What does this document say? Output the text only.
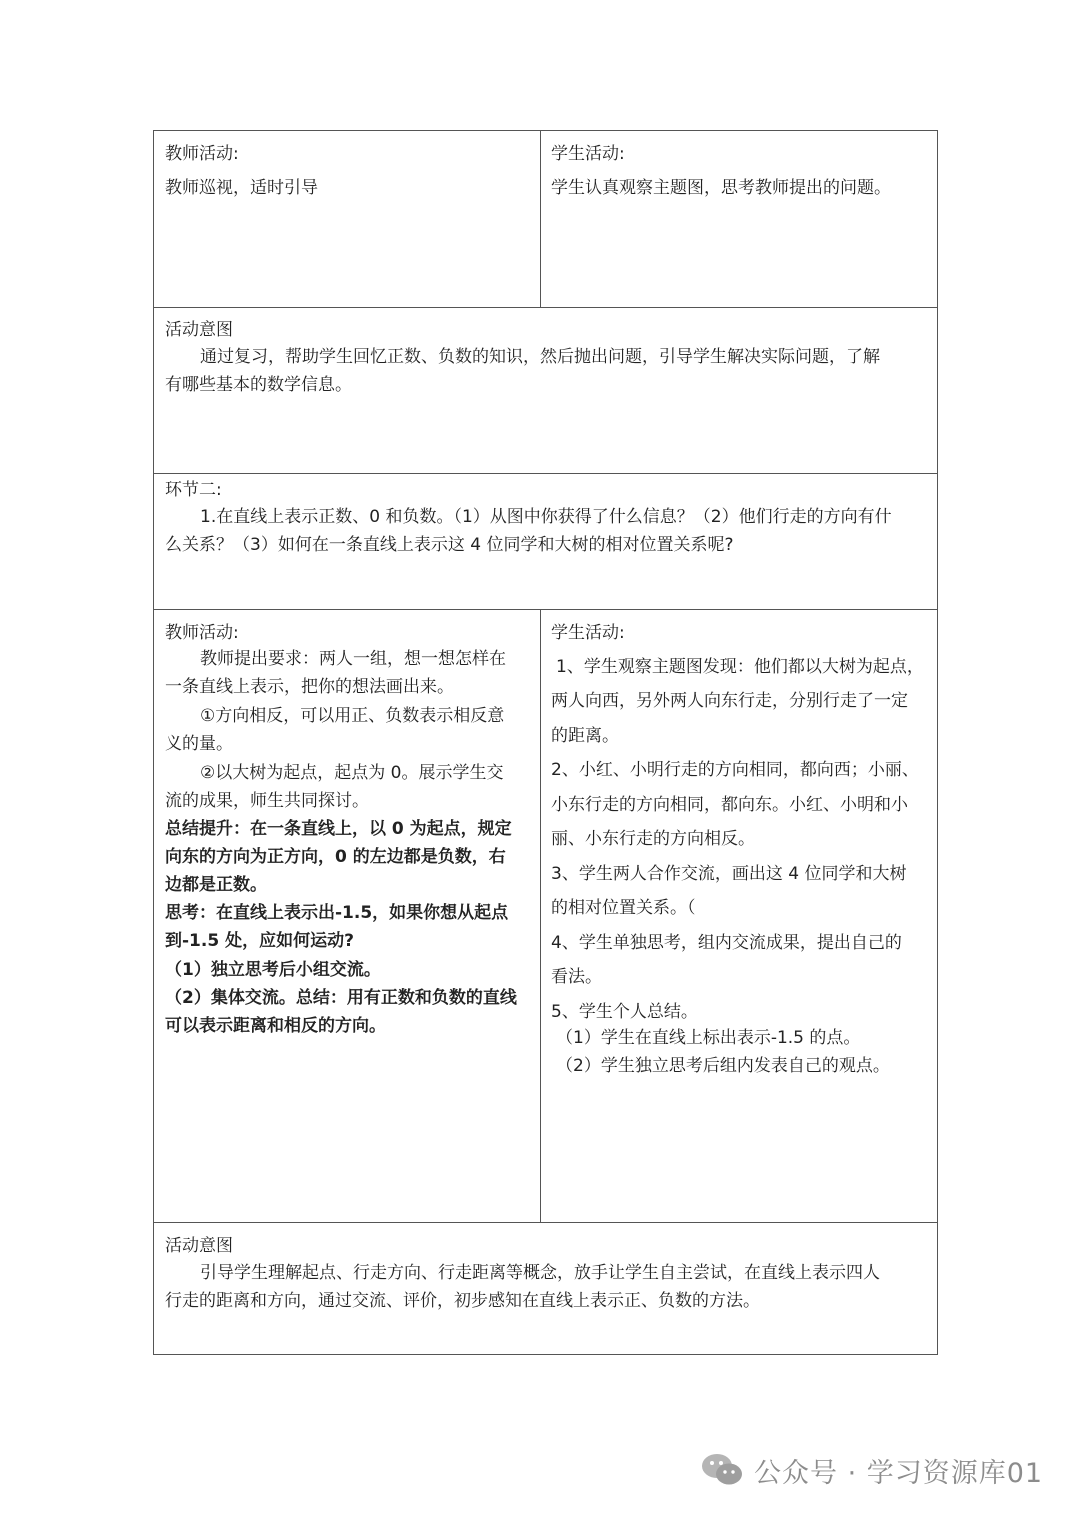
教师活动:
教师巡视，适时引导
学生活动:
学生认真观察主题图，思考教师提出的问题。
活动意图
通过复习，帮助学生回忆正数、负数的知识，然后抛出问题，引导学生解决实际问题，了解
有哪些基本的数学信息。
环节二:
1.在直线上表示正数、0 和负数。（1）从图中你获得了什么信息？（2）他们行走的方向有什
么关系？（3）如何在一条直线上表示这 4 位同学和大树的相对位置关系呢?
教师活动:
教师提出要求：两人一组，想一想怎样在
一条直线上表示，把你的想法画出来。
①方向相反，可以用正、负数表示相反意
义的量。
②以大树为起点，起点为 0。展示学生交
流的成果，师生共同探讨。
总结提升：在一条直线上，以 0 为起点，规定
向东的方向为正方向，0 的左边都是负数，右
边都是正数。
思考：在直线上表示出-1.5，如果你想从起点
到-1.5 处，应如何运动?
（1）独立思考后小组交流。
（2）集体交流。总结：用有正数和负数的直线
可以表示距离和相反的方向。
学生活动:
1、学生观察主题图发现：他们都以大树为起点，
两人向西，另外两人向东行走，分别行走了一定
的距离。
2、小红、小明行走的方向相同，都向西；小丽、
小东行走的方向相同，都向东。小红、小明和小
丽、小东行走的方向相反。
3、学生两人合作交流，画出这 4 位同学和大树
的相对位置关系。（
4、学生单独思考，组内交流成果，提出自己的
看法。
5、学生个人总结。
（1）学生在直线上标出表示-1.5 的点。
（2）学生独立思考后组内发表自己的观点。
活动意图
引导学生理解起点、行走方向、行走距离等概念，放手让学生自主尝试，在直线上表示四人
行走的距离和方向，通过交流、评价，初步感知在直线上表示正、负数的方法。
公众号 · 学习资源库01
